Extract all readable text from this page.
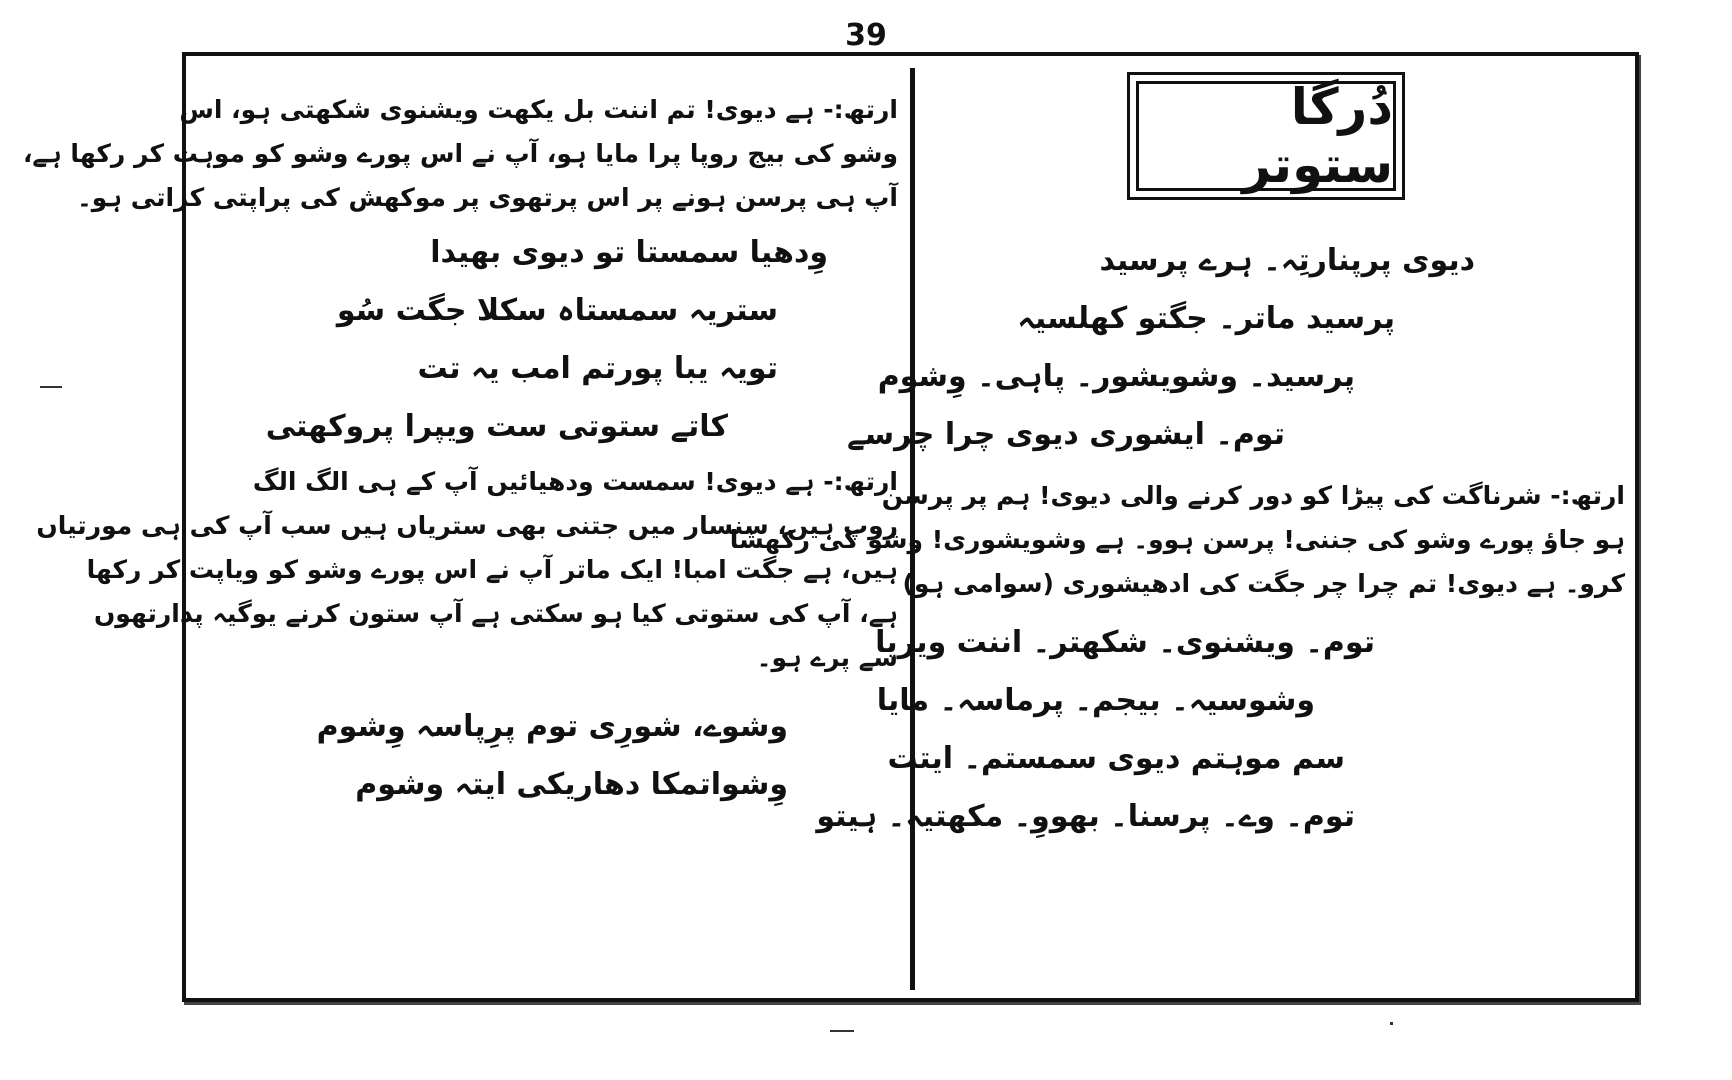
39
ارتھ:- ہے دیوی! تم اننت بل یکھت ویشنوی شکھتی ہو، اس
وشو کی بیج روپا پرا مایا ہو، آپ نے اس پورے وشو کو موہت کر رکھا ہے،
آپ ہی پرسن ہونے پر اس پرتھوی پر موکھش کی پراپتی کراتی ہو۔
وِدھیا سمستا تو دیوی بھیدا
ستریہ سمستاہ سکلا جگت سُو
تویہ یبا پورتم امب یہ تت
کاتے ستوتی ست ویپرا پروکھتی
ارتھ:- ہے دیوی! سمست ودھیائیں آپ کے ہی الگ الگ
روپ ہیں، سنسار میں جتنی بھی ستریاں ہیں سب آپ کی ہی مورتیاں
ہیں، ہے جگت امبا! ایک ماتر آپ نے اس پورے وشو کو ویاپت کر رکھا
ہے، آپ کی ستوتی کیا ہو سکتی ہے آپ ستون کرنے یوگیہ پدارتھوں
سے پرے ہو۔
وشوے، شورِی توم پرِپاسہ وِشوم
وِشواتمکا دھاریکی ایتہ وشوم
دُرگا ستوتر
دیوی پرپنارتِہ۔ ہرے پرسید
پرسید ماتر۔ جگتو کھلسیہ
پرسید۔ وشویشور۔ پاہی۔ وِشوم
توم۔ ایشوری دیوی چرا چرسے
ارتھ:- شرناگت کی پیڑا کو دور کرنے والی دیوی! ہم پر پرسن
ہو جاؤ پورے وشو کی جننی! پرسن ہوو۔ ہے وشویشوری! وشو کی رکھشا
کرو۔ ہے دیوی! تم چرا چر جگت کی ادھیشوری (سوامی ہو)
توم۔ ویشنوی۔ شکھتر۔ اننت ویریا
وشوسیہ۔ بیجم۔ پرماسہ۔ مایا
سم موہتم دیوی سمستم۔ ایتت
توم۔ وے۔ پرسنا۔ بھووِ۔ مکھتیہ۔ ہیتو
